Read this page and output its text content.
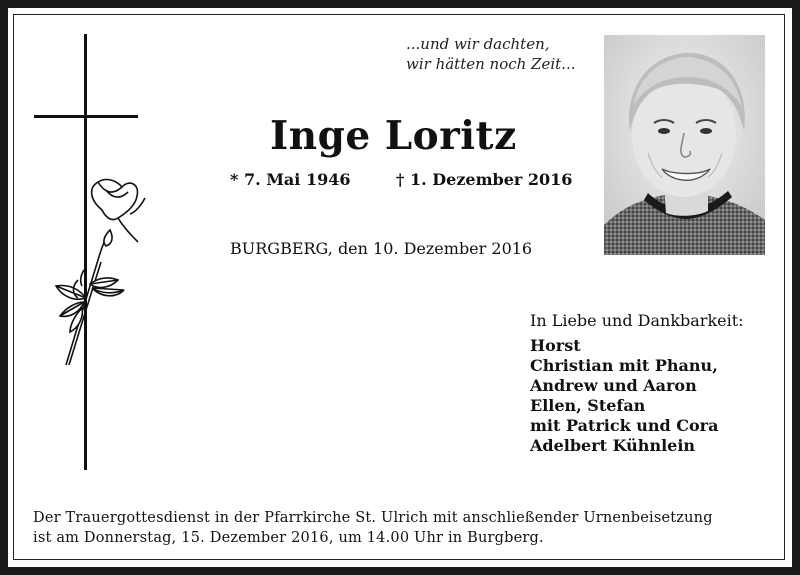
...und wir dachten,
wir hätten noch Zeit...
Inge Loritz
* 7. Mai 1946	† 1. Dezember 2016
BURGBERG, den 10. Dezember 2016
In Liebe und Dankbarkeit:
Horst
Christian mit Phanu,
Andrew und Aaron
Ellen, Stefan
mit Patrick und Cora
Adelbert Kühnlein
Der Trauergottesdienst in der Pfarrkirche St. Ulrich mit anschließender Urnenbeisetzung
ist am Donnerstag, 15. Dezember 2016, um 14.00 Uhr in Burgberg.
